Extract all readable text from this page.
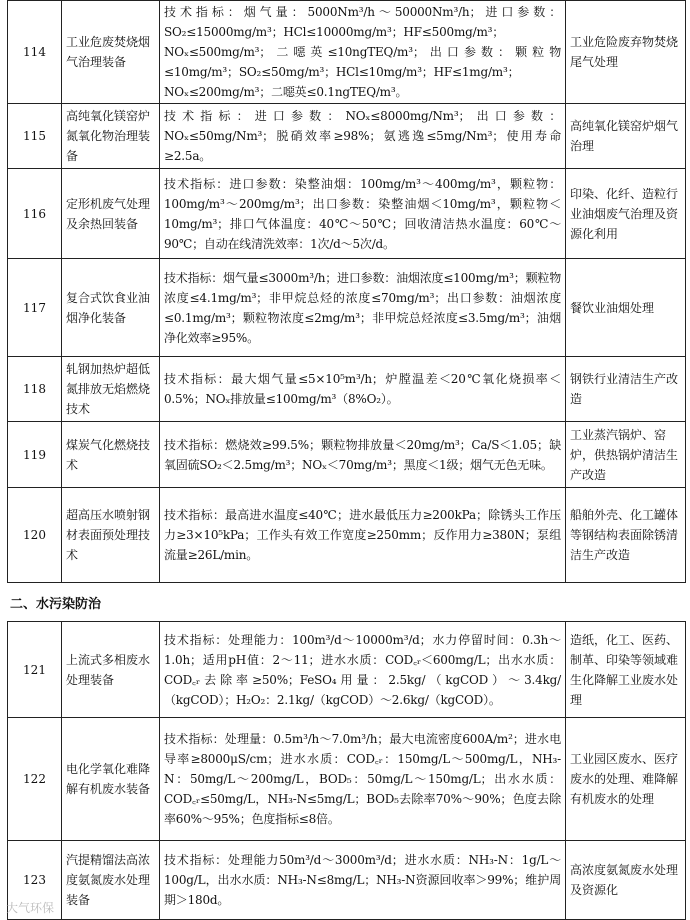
114	工业危废焚烧烟气治理装备	技术指标：烟气量：5000Nm³/h～50000Nm³/h；进口参数：SO₂≤15000mg/m³；HCl≤10000mg/m³；HF≤500mg/m³；NOₓ≤500mg/m³；二噁英≤10ngTEQ/m³；出口参数：颗粒物≤10mg/m³；SO₂≤50mg/m³；HCl≤10mg/m³；HF≤1mg/m³；NOₓ≤200mg/m³；二噁英≤0.1ngTEQ/m³。	工业危险废弃物焚烧尾气处理
115	高纯氧化镁窑炉氮氧化物治理装备	技术指标：进口参数：NOₓ≤8000mg/Nm³；出口参数：NOₓ≤50mg/Nm³；脱硝效率≥98%；氨逃逸≤5mg/Nm³；使用寿命≥2.5a。	高纯氧化镁窑炉烟气治理
116	定形机废气处理及余热回装备	技术指标：进口参数：染整油烟：100mg/m³～400mg/m³，颗粒物：100mg/m³～200mg/m³；出口参数：染整油烟＜10mg/m³，颗粒物＜10mg/m³；排口气体温度：40℃～50℃；回收清洁热水温度：60℃～90℃；自动在线清洗效率：1次/d～5次/d。	印染、化纤、造粒行业油烟废气治理及资源化利用
117	复合式饮食业油烟净化装备	技术指标：烟气量≤3000m³/h；进口参数：油烟浓度≤100mg/m³；颗粒物浓度≤4.1mg/m³；非甲烷总烃的浓度≤70mg/m³；出口参数：油烟浓度≤0.1mg/m³；颗粒物浓度≤2mg/m³；非甲烷总烃浓度≤3.5mg/m³；油烟净化效率≥95%。	餐饮业油烟处理
118	轧钢加热炉超低氮排放无焰燃烧技术	技术指标：最大烟气量≤5×10⁵m³/h；炉膛温差＜20℃氧化烧损率＜0.5%；NOₓ排放量≤100mg/m³（8%O₂）。	钢铁行业清洁生产改造
119	煤炭气化燃烧技术	技术指标：燃烧效≥99.5%；颗粒物排放量＜20mg/m³；Ca/S＜1.05；缺氧固硫SO₂＜2.5mg/m³；NOₓ＜70mg/m³；黑度＜1级；烟气无色无味。	工业蒸汽锅炉、窑炉，供热锅炉清洁生产改造
120	超高压水喷射钢材表面预处理技术	技术指标：最高进水温度≤40℃；进水最低压力≥200kPa；除锈头工作压力≥3×10⁵kPa；工作头有效工作宽度≥250mm；反作用力≥380N；泵组流量≥26L/min。	船舶外壳、化工罐体等钢结构表面除锈清洁生产改造
二、水污染防治
121	上流式多相废水处理装备	技术指标：处理能力：100m³/d～10000m³/d；水力停留时间：0.3h～1.0h；适用pH值：2～11；进水水质：COD꜀ᵣ＜600mg/L；出水水质：COD꜀ᵣ去除率≥50%；FeSO₄用量：2.5kg/（kgCOD）～3.4kg/（kgCOD）；H₂O₂：2.1kg/（kgCOD）～2.6kg/（kgCOD）。	造纸，化工、医药、制革、印染等领域难生化降解工业废水处理
122	电化学氧化难降解有机废水装备	技术指标：处理量：0.5m³/h～7.0m³/h；最大电流密度600A/m²；进水电导率≥8000μS/cm；进水水质：COD꜀ᵣ：150mg/L～500mg/L，NH₃-N：50mg/L～200mg/L，BOD₅：50mg/L～150mg/L；出水水质：COD꜀ᵣ≤50mg/L，NH₃-N≤5mg/L；BOD₅去除率70%～90%；色度去除率60%～95%；色度指标≤8倍。	工业园区废水、医疗废水的处理、难降解有机废水的处理
123	汽提精馏法高浓度氨氮废水处理装备	技术指标：处理能力50m³/d～3000m³/d；进水水质：NH₃-N：1g/L～100g/L，出水水质：NH₃-N≤8mg/L；NH₃-N资源回收率＞99%；维护周期＞180d。	高浓度氨氮废水处理及资源化
大气环保
